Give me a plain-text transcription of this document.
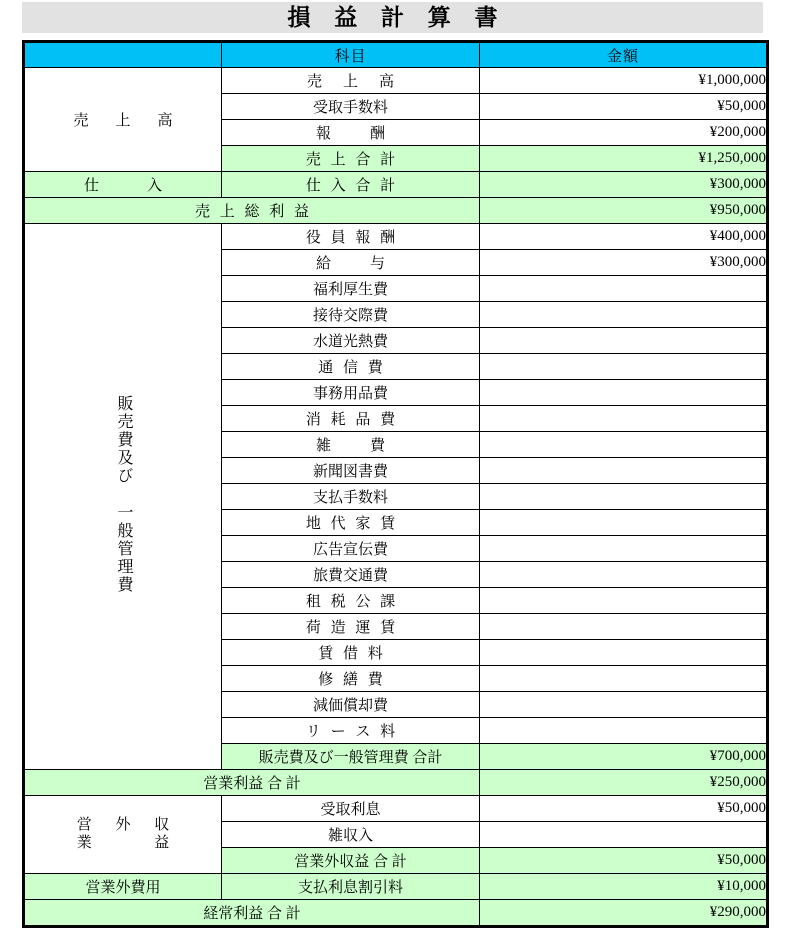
損 益 計 算 書
	科目	金額
売　上　高	売　上　高	¥1,000,000
	受取手数料	¥50,000
	報　　酬	¥200,000
	売 上 合 計	¥1,250,000
仕　　入	仕 入 合 計	¥300,000
売 上 総 利 益		¥950,000
販売費及び 一般管理費	役 員 報 酬	¥400,000
	給　　与	¥300,000
	福利厚生費	
	接待交際費	
	水道光熱費	
	通 信 費	
	事務用品費	
	消 耗 品 費	
	雑　　費	
	新聞図書費	
	支払手数料	
	地 代 家 賃	
	広告宣伝費	
	旅費交通費	
	租 税 公 課	
	荷 造 運 賃	
	賃 借 料	
	修 繕 費	
	減価償却費	
	リ ー ス 料	
	販売費及び一般管理費 合計	¥700,000
営業利益 合 計		¥250,000

営 外 収
業 　 益	受取利息	¥50,000
	雑収入	
	営業外収益 合 計	¥50,000
営業外費用	支払利息割引料	¥10,000
経常利益 合 計		¥290,000
